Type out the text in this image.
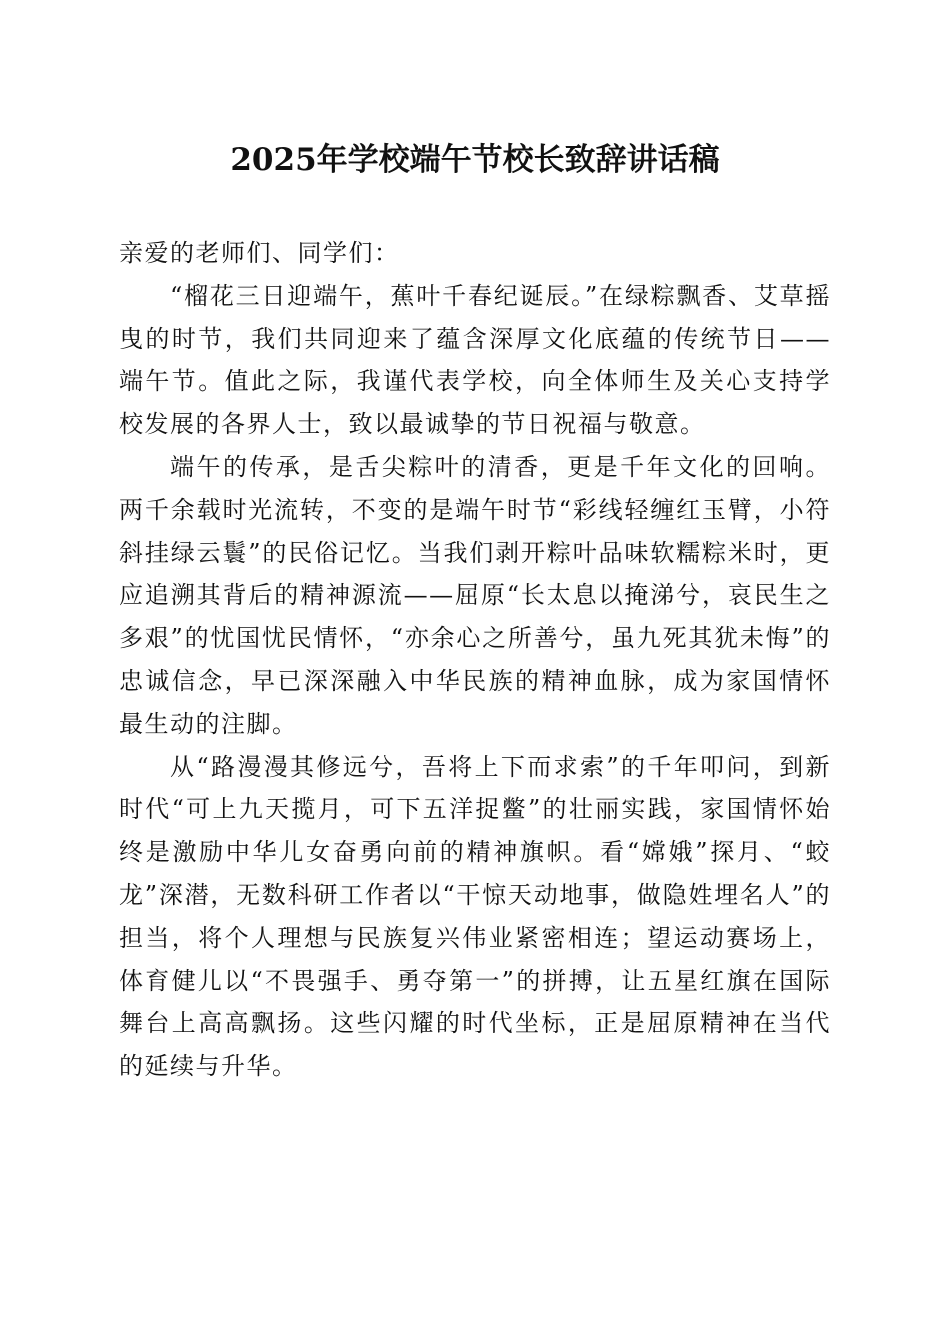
2025年学校端午节校长致辞讲话稿

亲爱的老师们、同学们：

“榴花三日迎端午，蕉叶千春纪诞辰。”在绿粽飘香、艾草摇曳的时节，我们共同迎来了蕴含深厚文化底蕴的传统节日——端午节。值此之际，我谨代表学校，向全体师生及关心支持学校发展的各界人士，致以最诚挚的节日祝福与敬意。

端午的传承，是舌尖粽叶的清香，更是千年文化的回响。两千余载时光流转，不变的是端午时节“彩线轻缠红玉臂，小符斜挂绿云鬟”的民俗记忆。当我们剥开粽叶品味软糯粽米时，更应追溯其背后的精神源流——屈原“长太息以掩涕兮，哀民生之多艰”的忧国忧民情怀，“亦余心之所善兮，虽九死其犹未悔”的忠诚信念，早已深深融入中华民族的精神血脉，成为家国情怀最生动的注脚。

从“路漫漫其修远兮，吾将上下而求索”的千年叩问，到新时代“可上九天揽月，可下五洋捉鳖”的壮丽实践，家国情怀始终是激励中华儿女奋勇向前的精神旗帜。看“嫦娥”探月、“蛟龙”深潜，无数科研工作者以“干惊天动地事，做隐姓埋名人”的担当，将个人理想与民族复兴伟业紧密相连；望运动赛场上，体育健儿以“不畏强手、勇夺第一”的拼搏，让五星红旗在国际舞台上高高飘扬。这些闪耀的时代坐标，正是屈原精神在当代的延续与升华。
